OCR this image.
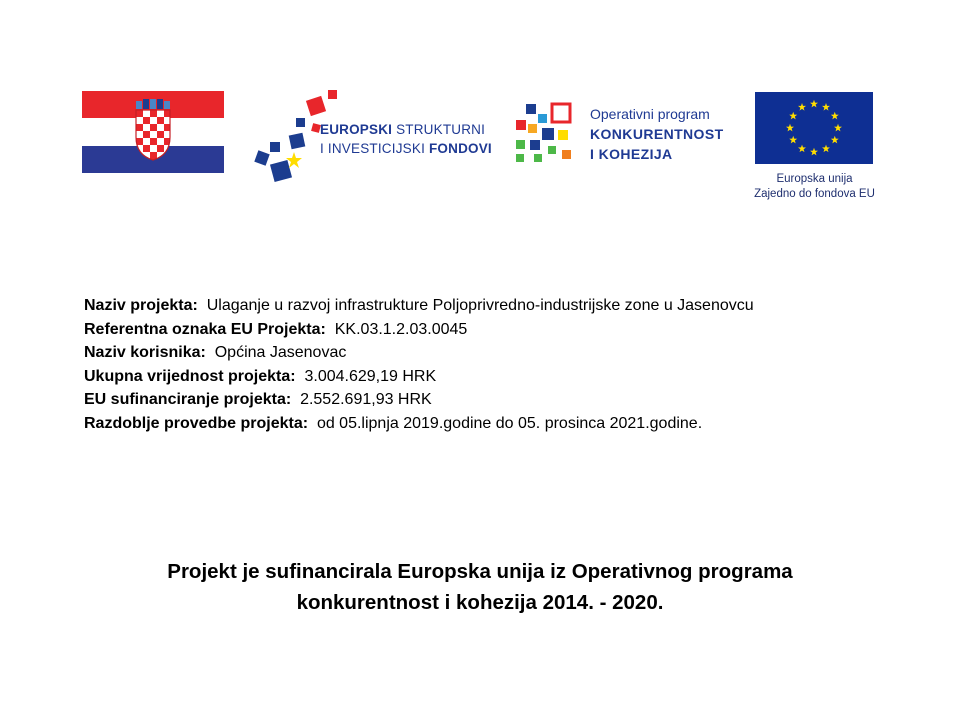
EUROPSKI STRUKTURNI
I INVESTICIJSKI FONDOVI
Operativni program
KONKURENTNOST
I KOHEZIJA
Europska unija
Zajedno do fondova EU
Naziv projekta: Ulaganje u razvoj infrastrukture Poljoprivredno-industrijske zone u Jasenovcu
Referentna oznaka EU Projekta: KK.03.1.2.03.0045
Naziv korisnika: Općina Jasenovac
Ukupna vrijednost projekta: 3.004.629,19 HRK
EU sufinanciranje projekta: 2.552.691,93 HRK
Razdoblje provedbe projekta: od 05.lipnja 2019.godine do 05. prosinca 2021.godine.
Projekt je sufinancirala Europska unija iz Operativnog programa
konkurentnost i kohezija 2014. - 2020.
